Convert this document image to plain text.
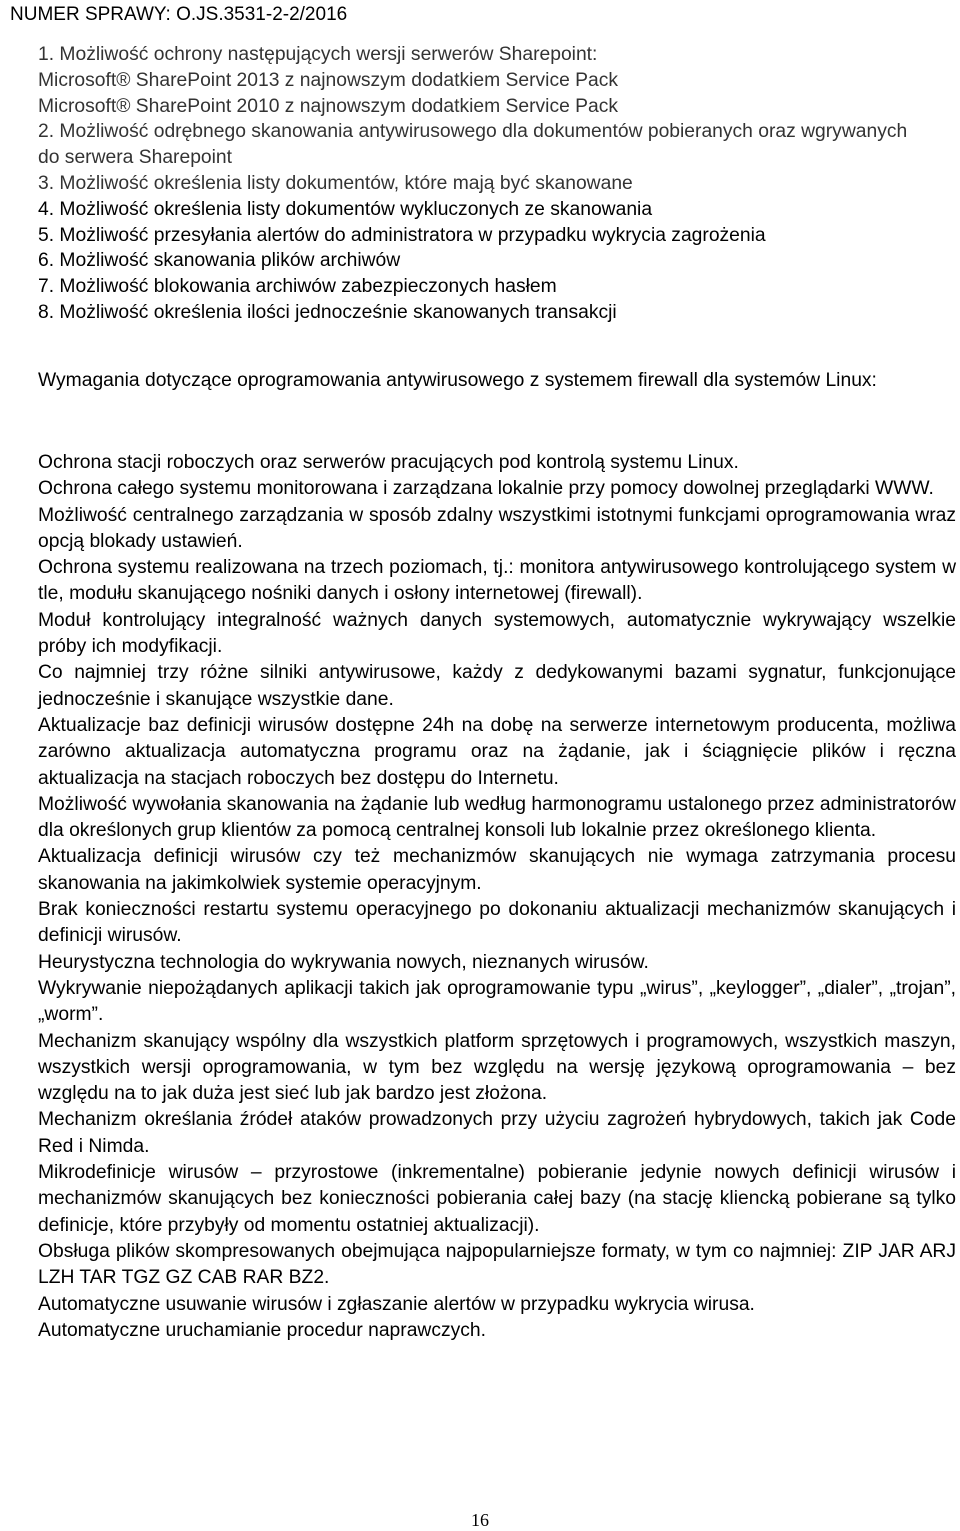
NUMER SPRAWY: O.JS.3531-2-2/2016
1. Możliwość ochrony następujących wersji serwerów Sharepoint:
Microsoft® SharePoint 2013 z najnowszym dodatkiem Service Pack
Microsoft® SharePoint 2010 z najnowszym dodatkiem Service Pack
2. Możliwość odrębnego skanowania antywirusowego dla dokumentów pobieranych oraz wgrywanych do serwera Sharepoint
3. Możliwość określenia listy dokumentów, które mają być skanowane
4. Możliwość określenia listy dokumentów wykluczonych ze skanowania
5. Możliwość przesyłania alertów do administratora w przypadku wykrycia zagrożenia
6. Możliwość skanowania plików archiwów
7. Możliwość blokowania archiwów zabezpieczonych hasłem
8. Możliwość określenia ilości jednocześnie skanowanych transakcji
Wymagania dotyczące oprogramowania antywirusowego z systemem firewall dla systemów Linux:

Ochrona stacji roboczych oraz serwerów pracujących pod kontrolą systemu Linux.

Ochrona całego systemu monitorowana i zarządzana lokalnie przy pomocy dowolnej przeglądarki WWW.

Możliwość centralnego zarządzania w sposób zdalny wszystkimi istotnymi funkcjami oprogramowania wraz opcją blokady ustawień.

Ochrona systemu realizowana na trzech poziomach, tj.: monitora antywirusowego kontrolującego system w tle, modułu skanującego nośniki danych i osłony internetowej (firewall).

Moduł kontrolujący integralność ważnych danych systemowych, automatycznie wykrywający wszelkie próby ich modyfikacji.

Co najmniej trzy różne silniki antywirusowe, każdy z dedykowanymi bazami sygnatur, funkcjonujące jednocześnie i skanujące wszystkie dane.

Aktualizacje baz definicji wirusów dostępne 24h na dobę na serwerze internetowym producenta, możliwa zarówno aktualizacja automatyczna programu oraz na żądanie, jak i ściągnięcie plików i ręczna aktualizacja na stacjach roboczych bez dostępu do Internetu.

Możliwość wywołania skanowania na żądanie lub według harmonogramu ustalonego przez administratorów dla określonych grup klientów za pomocą centralnej konsoli lub lokalnie przez określonego klienta.

Aktualizacja definicji wirusów czy też mechanizmów skanujących nie wymaga zatrzymania procesu skanowania na jakimkolwiek systemie operacyjnym.

Brak konieczności restartu systemu operacyjnego po dokonaniu aktualizacji mechanizmów skanujących i definicji wirusów.

Heurystyczna technologia do wykrywania nowych, nieznanych wirusów.

Wykrywanie niepożądanych aplikacji takich jak oprogramowanie typu „wirus”, „keylogger”, „dialer”, „trojan”, „worm”.

Mechanizm skanujący wspólny dla wszystkich platform sprzętowych i programowych, wszystkich maszyn, wszystkich wersji oprogramowania, w tym bez względu na wersję językową oprogramowania – bez względu na to jak duża jest sieć lub jak bardzo jest złożona.

Mechanizm określania źródeł ataków prowadzonych przy użyciu zagrożeń hybrydowych, takich jak Code Red i Nimda.

Mikrodefinicje wirusów – przyrostowe (inkrementalne) pobieranie jedynie nowych definicji wirusów i mechanizmów skanujących bez konieczności pobierania całej bazy (na stację kliencką pobierane są tylko definicje, które przybyły od momentu ostatniej aktualizacji).

Obsługa plików skompresowanych obejmująca najpopularniejsze formaty, w tym co najmniej: ZIP JAR ARJ LZH TAR TGZ GZ CAB RAR BZ2.

Automatyczne usuwanie wirusów i zgłaszanie alertów w przypadku wykrycia wirusa.

Automatyczne uruchamianie procedur naprawczych.

16
